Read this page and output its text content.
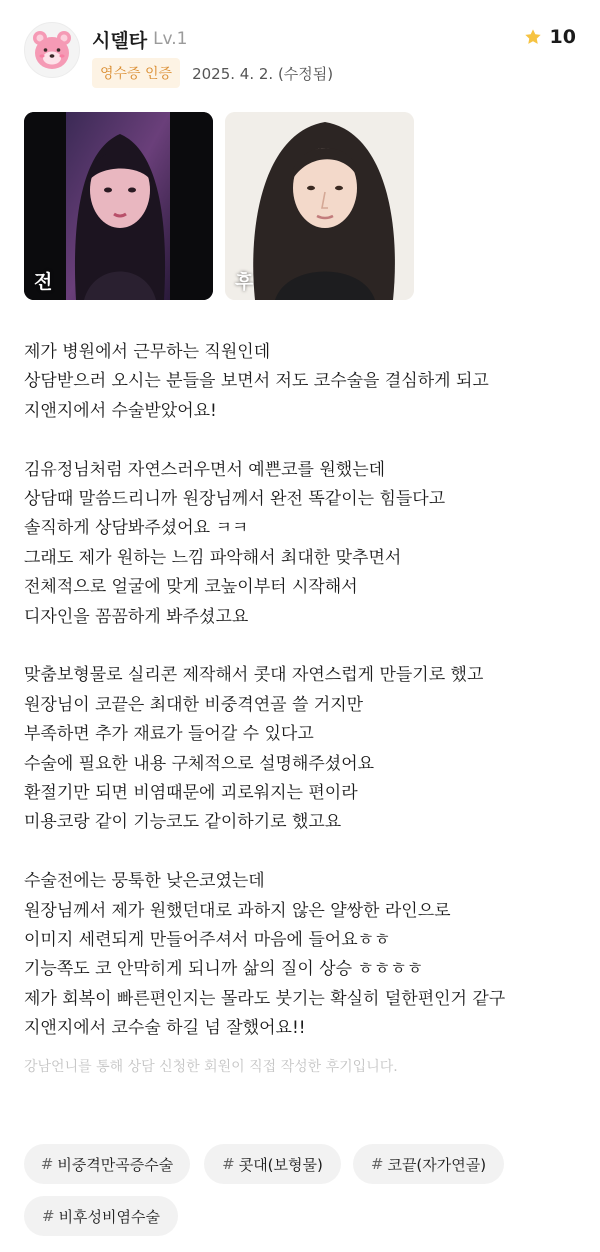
시델타 Lv.1
영수증 인증	2025. 4. 2. (수정됨)
10
전	후

제가 병원에서 근무하는 직원인데
상담받으러 오시는 분들을 보면서 저도 코수술을 결심하게 되고
지앤지에서 수술받았어요!

김유정님처럼 자연스러우면서 예쁜코를 원했는데
상담때 말씀드리니까 원장님께서 완전 똑같이는 힘들다고
솔직하게 상담봐주셨어요 ㅋㅋ
그래도 제가 원하는 느낌 파악해서 최대한 맞추면서
전체적으로 얼굴에 맞게 코높이부터 시작해서
디자인을 꼼꼼하게 봐주셨고요

맞춤보형물로 실리콘 제작해서 콧대 자연스럽게 만들기로 했고
원장님이 코끝은 최대한 비중격연골 쓸 거지만
부족하면 추가 재료가 들어갈 수 있다고
수술에 필요한 내용 구체적으로 설명해주셨어요
환절기만 되면 비염때문에 괴로워지는 편이라
미용코랑 같이 기능코도 같이하기로 했고요

수술전에는 뭉툭한 낮은코였는데
원장님께서 제가 원했던대로 과하지 않은 얄쌍한 라인으로
이미지 세련되게 만들어주셔서 마음에 들어요ㅎㅎ
기능쪽도 코 안막히게 되니까 삶의 질이 상승 ㅎㅎㅎㅎ
제가 회복이 빠른편인지는 몰라도 붓기는 확실히 덜한편인거 같구
지앤지에서 코수술 하길 넘 잘했어요!!

강남언니를 통해 상담 신청한 회원이 직접 작성한 후기입니다.
# 비중격만곡증수술	# 콧대(보형물)	# 코끝(자가연골)
# 비후성비염수술
